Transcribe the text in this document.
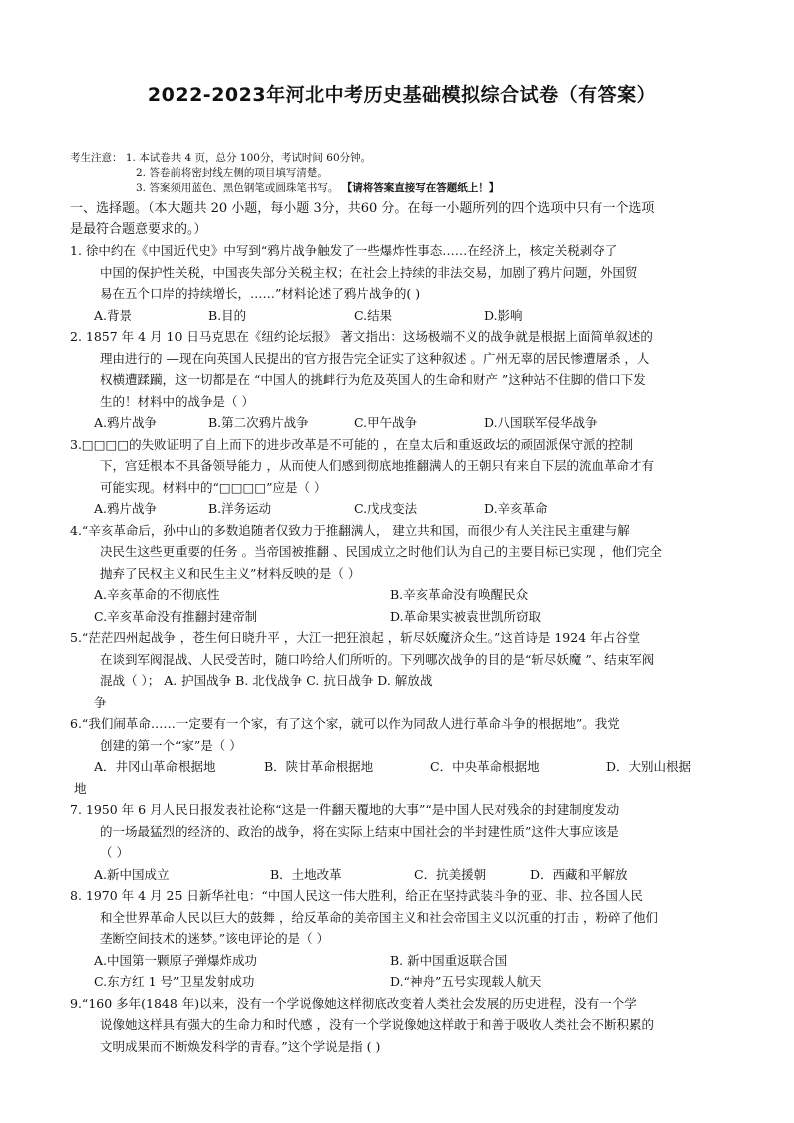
2022-2023年河北中考历史基础模拟综合试卷（有答案）
考生注意： 1. 本试卷共 4 页，总分 100分，考试时间 60分钟。
2. 答卷前将密封线左侧的项目填写清楚。
3. 答案须用蓝色、黑色钢笔或圆珠笔书写。 【请将答案直接写在答题纸上！】
一、选择题。（本大题共 20 小题，每小题 3分，共60 分。在每一小题所列的四个选项中只有一个选项
是最符合题意要求的。）
1. 徐中约在《中国近代史》中写到“鸦片战争触发了一些爆炸性事态……在经济上，核定关税剥夺了
中国的保护性关税，中国丧失部分关税主权；在社会上持续的非法交易，加剧了鸦片问题，外国贸
易在五个口岸的持续增长，……”材料论述了鸦片战争的( )
A.背景	B.目的	C.结果	D.影响
2. 1857 年 4 月 10 日马克思在《纽约论坛报》 著文指出：这场极端不义的战争就是根据上面简单叙述的
理由进行的 —现在向英国人民提出的官方报告完全证实了这种叙述 。广州无辜的居民惨遭屠杀 ，人
权横遭蹂躏，这一切都是在 “中国人的挑衅行为危及英国人的生命和财产 ”这种站不住脚的借口下发
生的！材料中的战争是（ ）
A.鸦片战争	B.第二次鸦片战争	C.甲午战争	D.八国联军侵华战争
3.□□□□的失败证明了自上而下的进步改革是不可能的 ，在皇太后和重返政坛的顽固派保守派的控制
下，宫廷根本不具备领导能力 ，从而使人们感到彻底地推翻满人的王朝只有来自下层的流血革命才有
可能实现。材料中的“□□□□”应是（ ）
A.鸦片战争	B.洋务运动	C.戊戌变法	D.辛亥革命
4.“辛亥革命后，孙中山的多数追随者仅致力于推翻满人， 建立共和国，而很少有人关注民主重建与解
决民生这些更重要的任务 。当帝国被推翻 、民国成立之时他们认为自己的主要目标已实现 ，他们完全
抛弃了民权主义和民生主义”材料反映的是（ ）
A.辛亥革命的不彻底性	B.辛亥革命没有唤醒民众
C.辛亥革命没有推翻封建帝制	D.革命果实被袁世凯所窃取
5.“茫茫四州起战争 ，苍生何日晓升平 ，大江一把狂浪起 ，斩尽妖魔济众生。”这首诗是 1924 年占谷堂
在谈到军阀混战、人民受苦时，随口吟给人们所听的。下列哪次战争的目的是“斩尽妖魔 ”、结束军阀
混战（ ）； A. 护国战争 B. 北伐战争 C. 抗日战争 D. 解放战
争
6.“我们闹革命……一定要有一个家，有了这个家，就可以作为同敌人进行革命斗争的根据地”。我党
创建的第一个“家”是（ ）
A．井冈山革命根据地	B．陕甘革命根据地	C．中央革命根据地	D．大别山根据
地
7. 1950 年 6 月人民日报发表社论称“这是一件翻天覆地的大事”“是中国人民对残余的封建制度发动
的一场最猛烈的经济的、政治的战争，将在实际上结束中国社会的半封建性质”这件大事应该是
（ ）
A.新中国成立	B．土地改革	C．抗美援朝	D．西藏和平解放
8. 1970 年 4 月 25 日新华社电：“中国人民这一伟大胜利，给正在坚持武装斗争的亚、非、拉各国人民
和全世界革命人民以巨大的鼓舞 ，给反革命的美帝国主义和社会帝国主义以沉重的打击 ，粉碎了他们
垄断空间技术的迷梦。”该电评论的是（ ）
A.中国第一颗原子弹爆炸成功	B. 新中国重返联合国
C.东方红 1 号”卫星发射成功	D.“神舟”五号实现载人航天
9.“160 多年(1848 年)以来，没有一个学说像她这样彻底改变着人类社会发展的历史进程，没有一个学
说像她这样具有强大的生命力和时代感 ，没有一个学说像她这样敢于和善于吸收人类社会不断积累的
文明成果而不断焕发科学的青春。”这个学说是指 ( )
